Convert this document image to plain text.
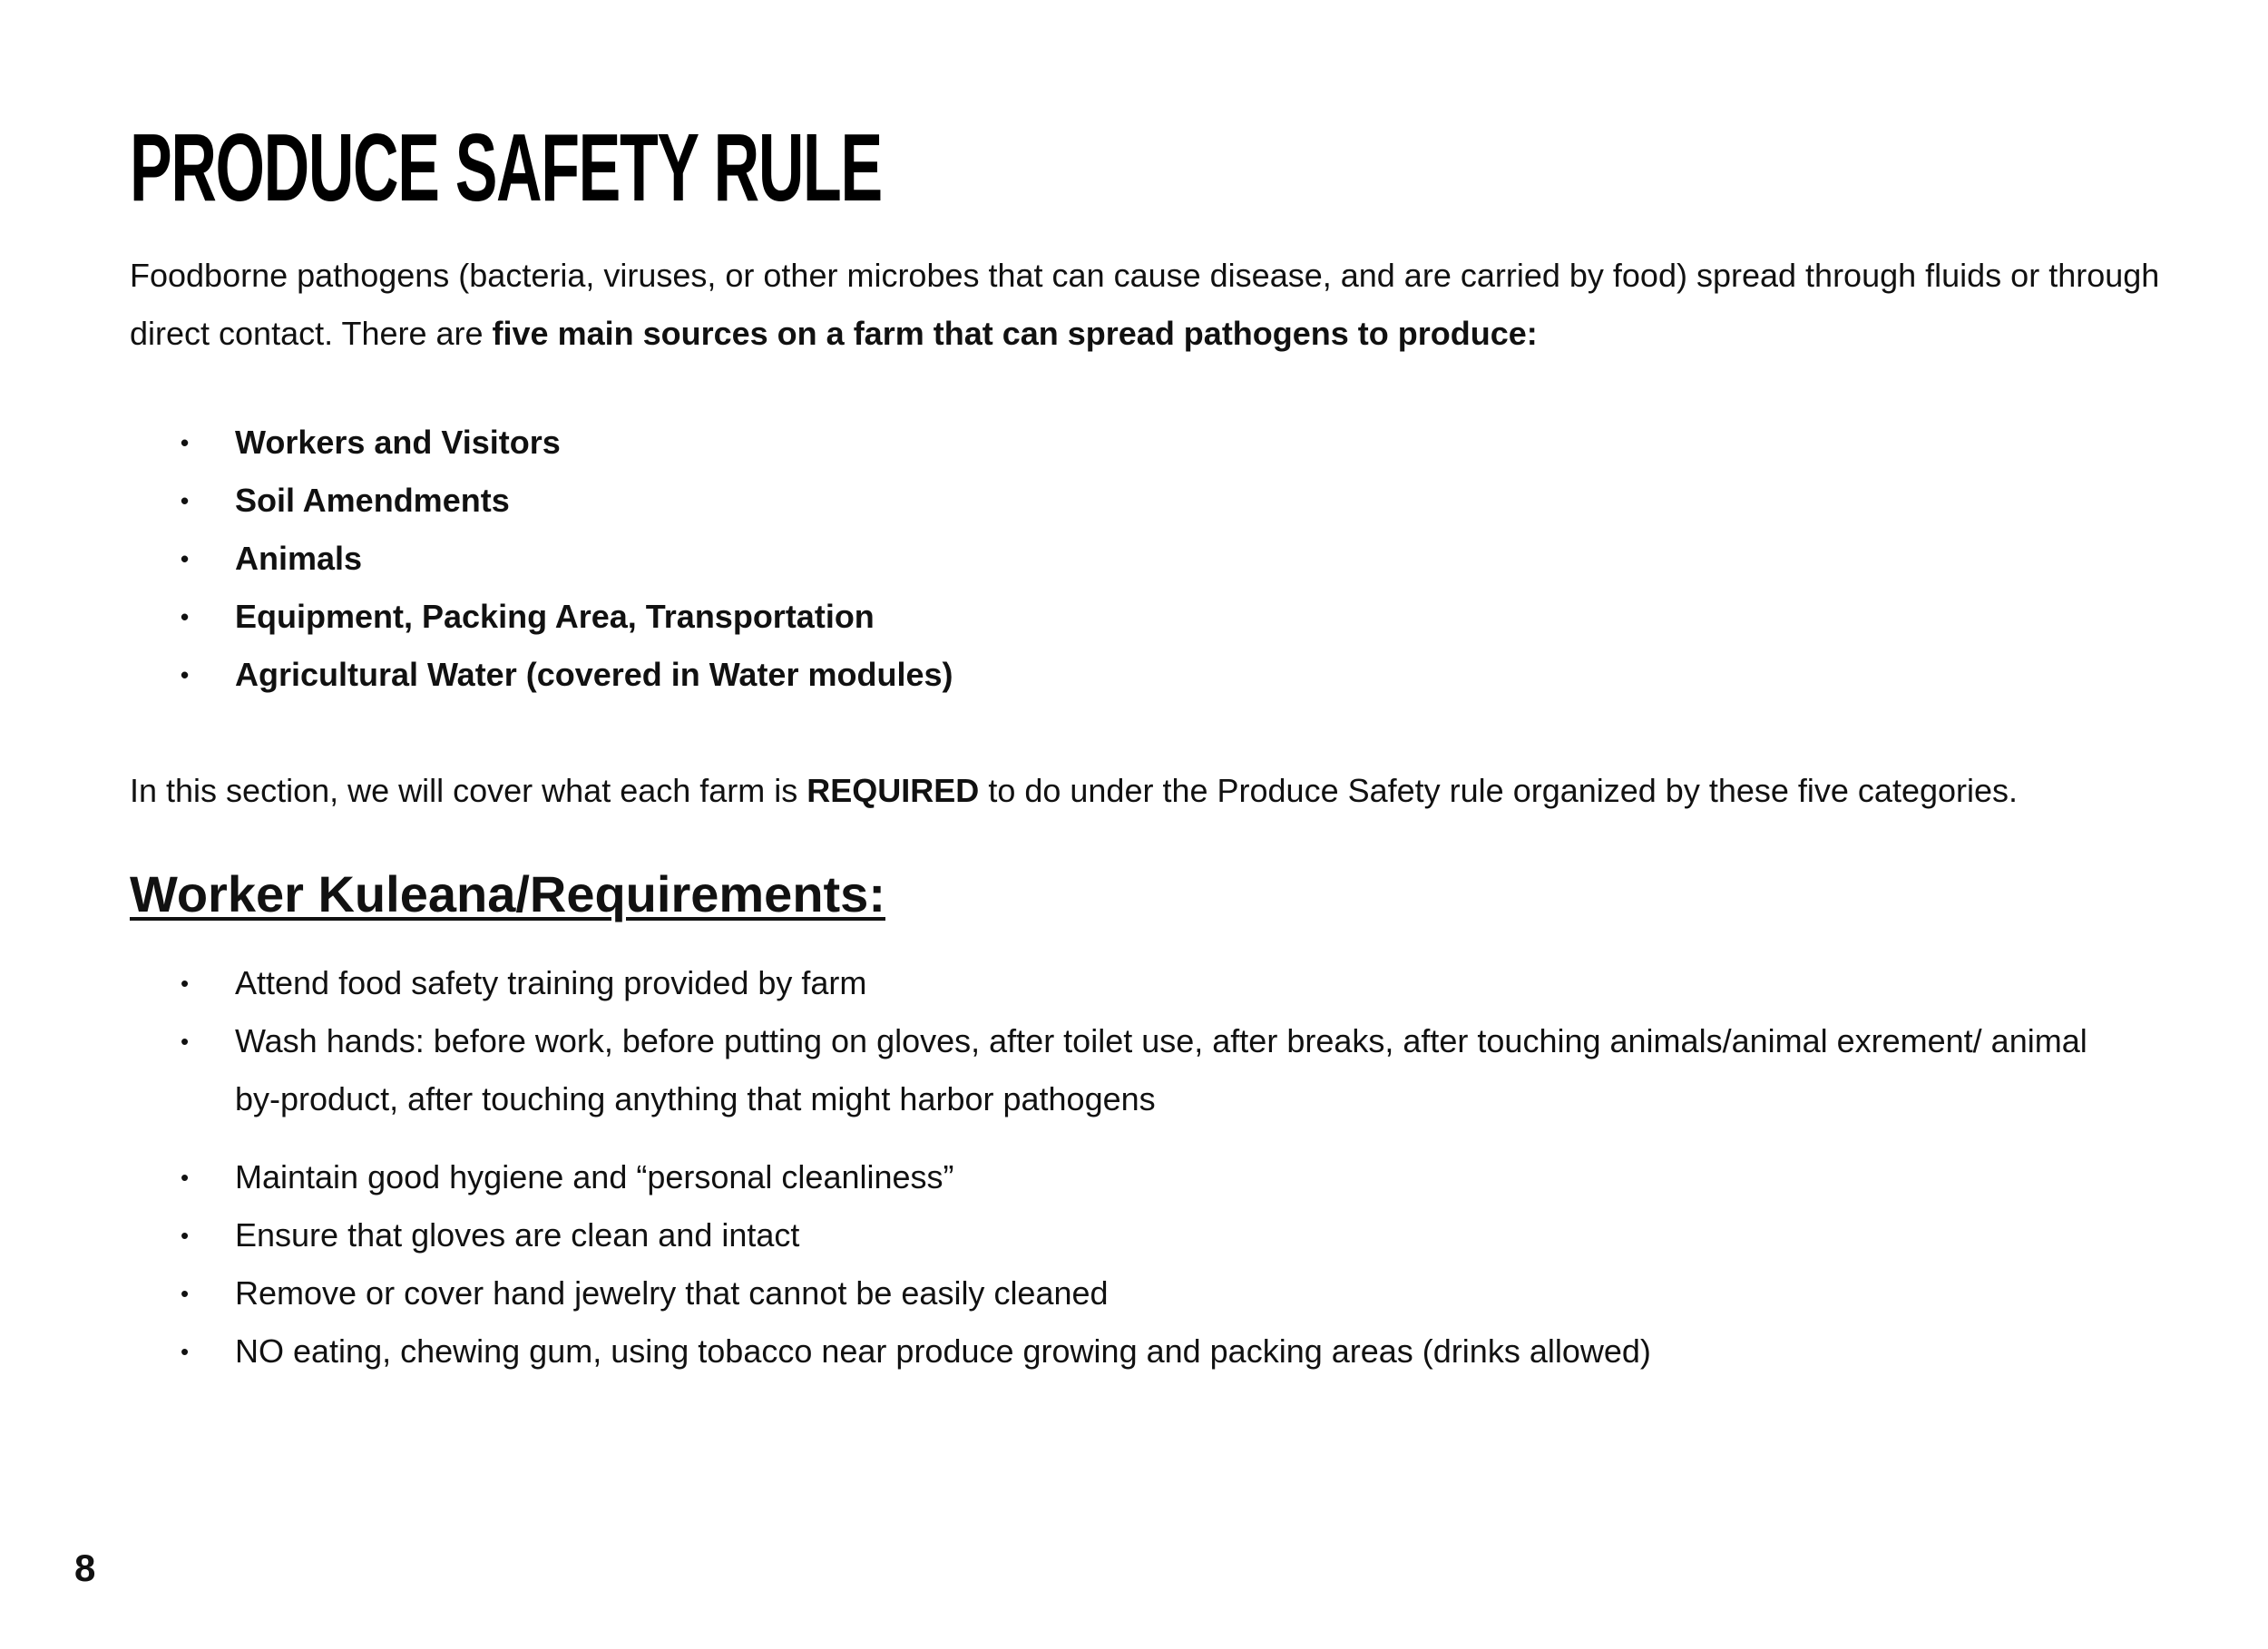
PRODUCE SAFETY RULE

Foodborne pathogens (bacteria, viruses, or other microbes that can cause disease, and are carried by food) spread through fluids or through direct contact. There are five main sources on a farm that can spread pathogens to produce:

• Workers and Visitors
• Soil Amendments
• Animals
• Equipment, Packing Area, Transportation
• Agricultural Water (covered in Water modules)

In this section, we will cover what each farm is REQUIRED to do under the Produce Safety rule organized by these five categories.

Worker Kuleana/Requirements:
• Attend food safety training provided by farm
• Wash hands: before work, before putting on gloves, after toilet use, after breaks, after touching animals/animal exrement/ animal by-product, after touching anything that might harbor pathogens
• Maintain good hygiene and “personal cleanliness”
• Ensure that gloves are clean and intact
• Remove or cover hand jewelry that cannot be easily cleaned
• NO eating, chewing gum, using tobacco near produce growing and packing areas (drinks allowed)

8
